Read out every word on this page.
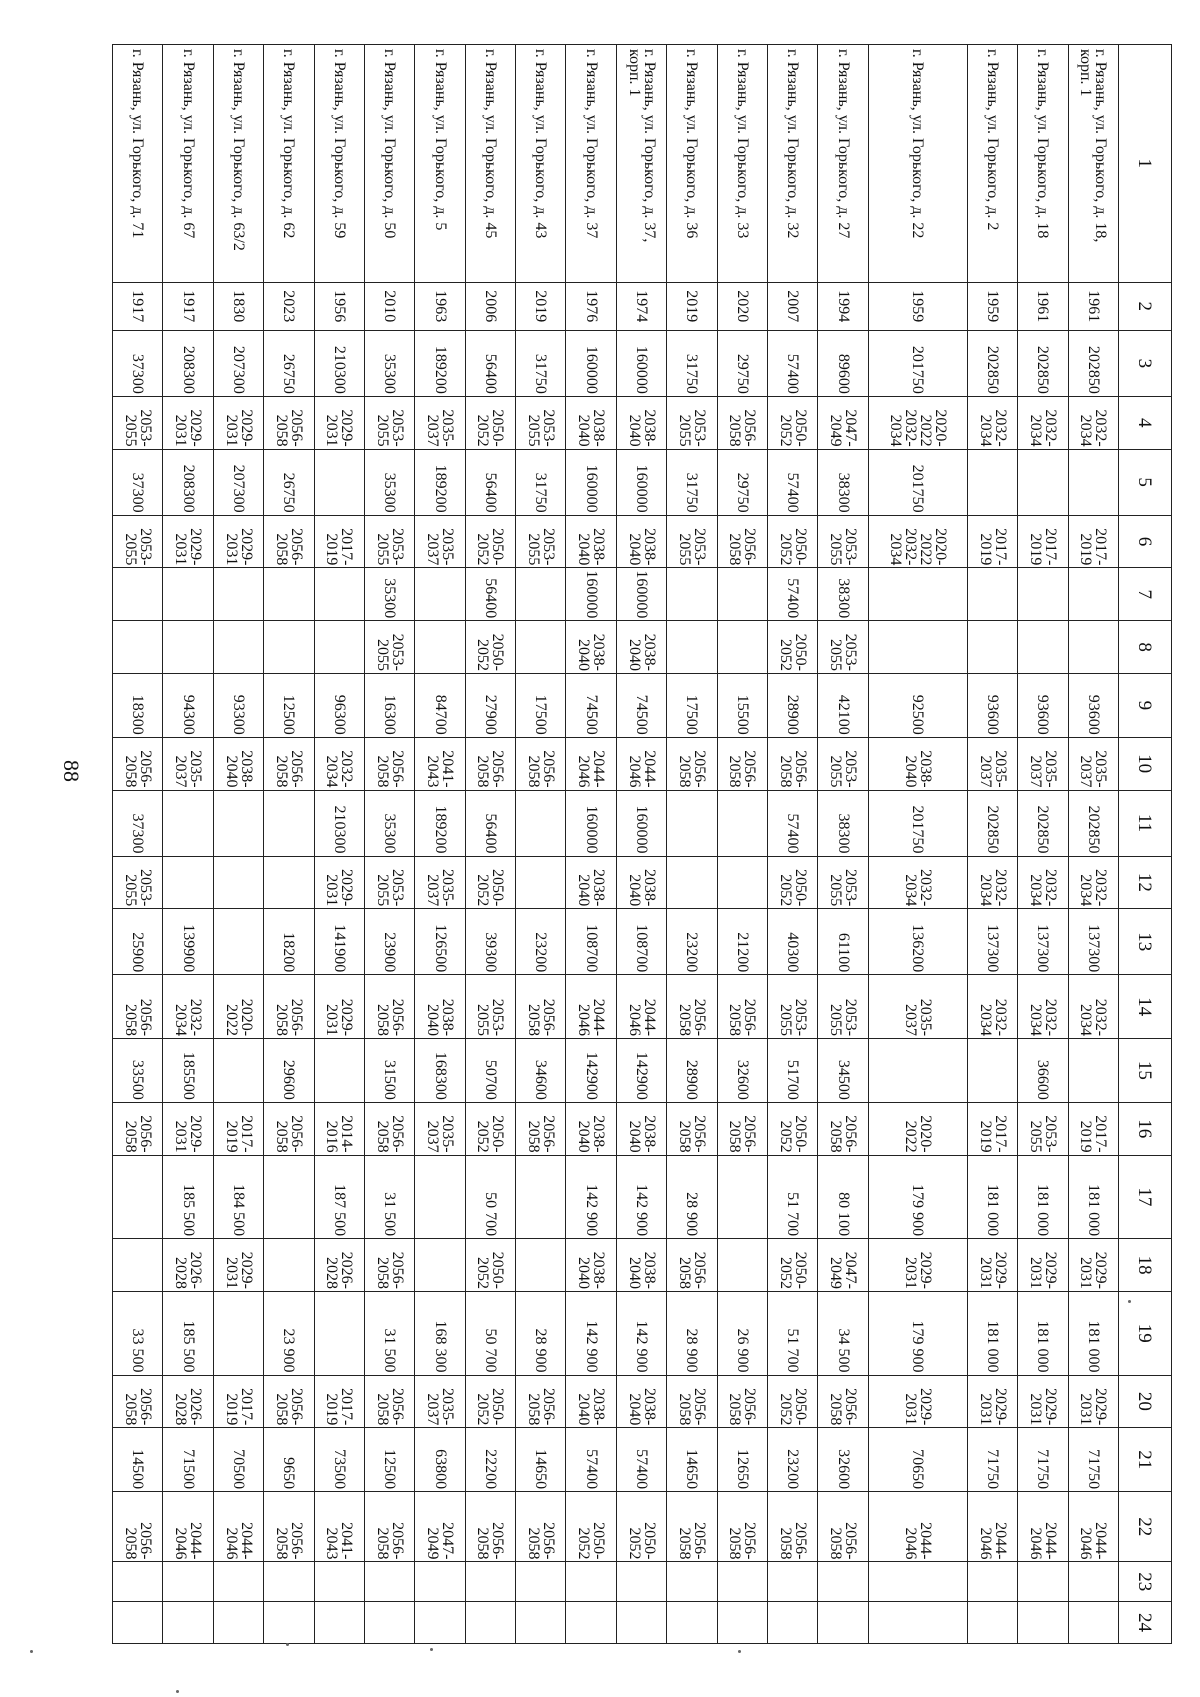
88
1	2	3	4	5	6	7	8	9	10	11	12	13	14	15	16	17	18	19	20	21	22	23	24
г. Рязань, ул. Горького, д. 18, корп. 1	1961	202850	2032-2034		2017-2019			93600	2035-2037	202850	2032-2034	137300	2032-2034		2017-2019	181 000	2029-2031	181 000	2029-2031	71750	2044-2046		
г. Рязань, ул. Горького, д. 18	1961	202850	2032-2034		2017-2019			93600	2035-2037	202850	2032-2034	137300	2032-2034	36600	2053-2055	181 000	2029-2031	181 000	2029-2031	71750	2044-2046		
г. Рязань, ул. Горького, д. 2	1959	202850	2032-2034		2017-2019			93600	2035-2037	202850	2032-2034	137300	2032-2034		2017-2019	181 000	2029-2031	181 000	2029-2031	71750	2044-2046		
г. Рязань, ул. Горького, д. 22	1959	201750	2020-2022 2032-2034	201750	2020-2022 2032-2034			92500	2038-2040	201750	2032-2034	136200	2035-2037		2020-2022	179 900	2029-2031	179 900	2029-2031	70650	2044-2046		
г. Рязань, ул. Горького, д. 27	1994	89600	2047-2049	38300	2053-2055	38300	2053-2055	42100	2053-2055	38300	2053-2055	61100	2053-2055	34500	2056-2058	80 100	2047-2049	34 500	2056-2058	32600	2056-2058		
г. Рязань, ул. Горького, д. 32	2007	57400	2050-2052	57400	2050-2052	57400	2050-2052	28900	2056-2058	57400	2050-2052	40300	2053-2055	51700	2050-2052	51 700	2050-2052	51 700	2050-2052	23200	2056-2058		
г. Рязань, ул. Горького, д. 33	2020	29750	2056-2058	29750	2056-2058			15500	2056-2058			21200	2056-2058	32600	2056-2058			26 900	2056-2058	12650	2056-2058		
г. Рязань, ул. Горького, д. 36	2019	31750	2053-2055	31750	2053-2055			17500	2056-2058			23200	2056-2058	28900	2056-2058	28 900	2056-2058	28 900	2056-2058	14650	2056-2058		
г. Рязань, ул. Горького, д. 37, корп. 1	1974	160000	2038-2040	160000	2038-2040	160000	2038-2040	74500	2044-2046	160000	2038-2040	108700	2044-2046	142900	2038-2040	142 900	2038-2040	142 900	2038-2040	57400	2050-2052		
г. Рязань, ул. Горького, д. 37	1976	160000	2038-2040	160000	2038-2040	160000	2038-2040	74500	2044-2046	160000	2038-2040	108700	2044-2046	142900	2038-2040	142 900	2038-2040	142 900	2038-2040	57400	2050-2052		
г. Рязань, ул. Горького, д. 43	2019	31750	2053-2055	31750	2053-2055			17500	2056-2058			23200	2056-2058	34600	2056-2058			28 900	2056-2058	14650	2056-2058		
г. Рязань, ул. Горького, д. 45	2006	56400	2050-2052	56400	2050-2052	56400	2050-2052	27900	2056-2058	56400	2050-2052	39300	2053-2055	50700	2050-2052	50 700	2050-2052	50 700	2050-2052	22200	2056-2058		
г. Рязань, ул. Горького, д. 5	1963	189200	2035-2037	189200	2035-2037			84700	2041-2043	189200	2035-2037	126500	2038-2040	168300	2035-2037			168 300	2035-2037	63800	2047-2049		
г. Рязань, ул. Горького, д. 50	2010	35300	2053-2055	35300	2053-2055	35300	2053-2055	16300	2056-2058	35300	2053-2055	23900	2056-2058	31500	2056-2058	31 500	2056-2058	31 500	2056-2058	12500	2056-2058		
г. Рязань, ул. Горького, д. 59	1956	210300	2029-2031		2017-2019			96300	2032-2034	210300	2029-2031	141900	2029-2031		2014-2016	187 500	2026-2028		2017-2019	73500	2041-2043		
г. Рязань, ул. Горького, д. 62	2023	26750	2056-2058	26750	2056-2058			12500	2056-2058			18200	2056-2058	29600	2056-2058			23 900	2056-2058	9650	2056-2058		
г. Рязань, ул. Горького, д. 63/2	1830	207300	2029-2031	207300	2029-2031			93300	2038-2040				2020-2022		2017-2019	184 500	2029-2031		2017-2019	70500	2044-2046		
г. Рязань, ул. Горького, д. 67	1917	208300	2029-2031	208300	2029-2031			94300	2035-2037			139900	2032-2034	185500	2029-2031	185 500	2026-2028	185 500	2026-2028	71500	2044-2046		
г. Рязань, ул. Горького, д. 71	1917	37300	2053-2055	37300	2053-2055			18300	2056-2058	37300	2053-2055	25900	2056-2058	33500	2056-2058			33 500	2056-2058	14500	2056-2058		
